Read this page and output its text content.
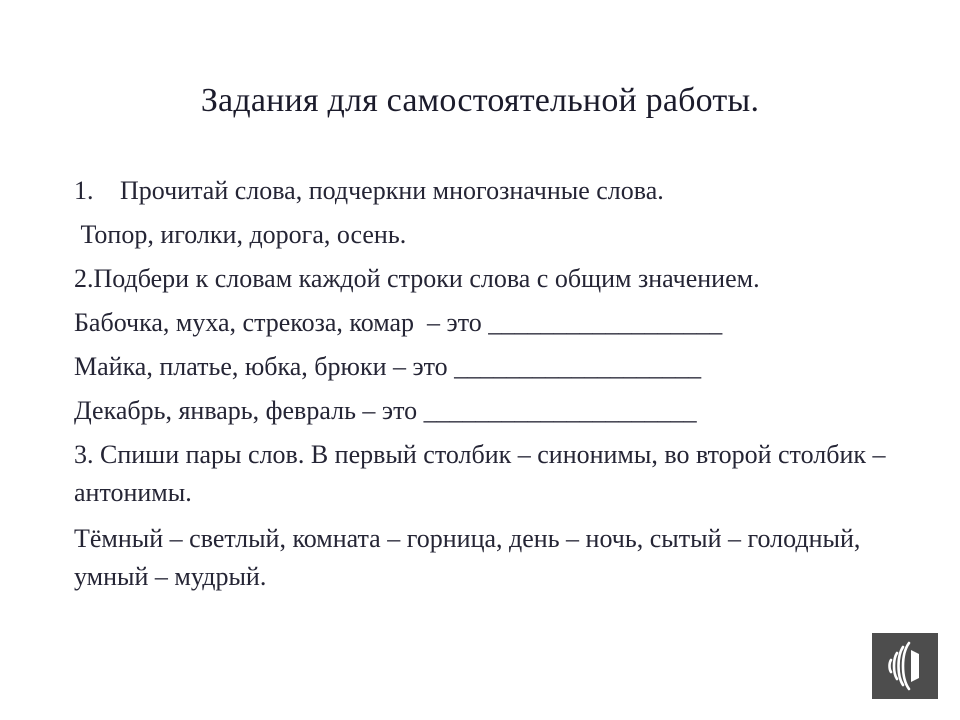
Задания для самостоятельной работы.
1.	Прочитай слова, подчеркни многозначные слова.
Топор, иголки, дорога, осень.
2.Подбери к словам каждой строки слова с общим значением.
Бабочка, муха, стрекоза, комар  – это __________________
Майка, платье, юбка, брюки – это ___________________
Декабрь, январь, февраль – это _____________________
3. Спиши пары слов. В первый столбик – синонимы, во второй столбик – антонимы.
Тёмный – светлый, комната – горница, день – ночь, сытый – голодный, умный – мудрый.
